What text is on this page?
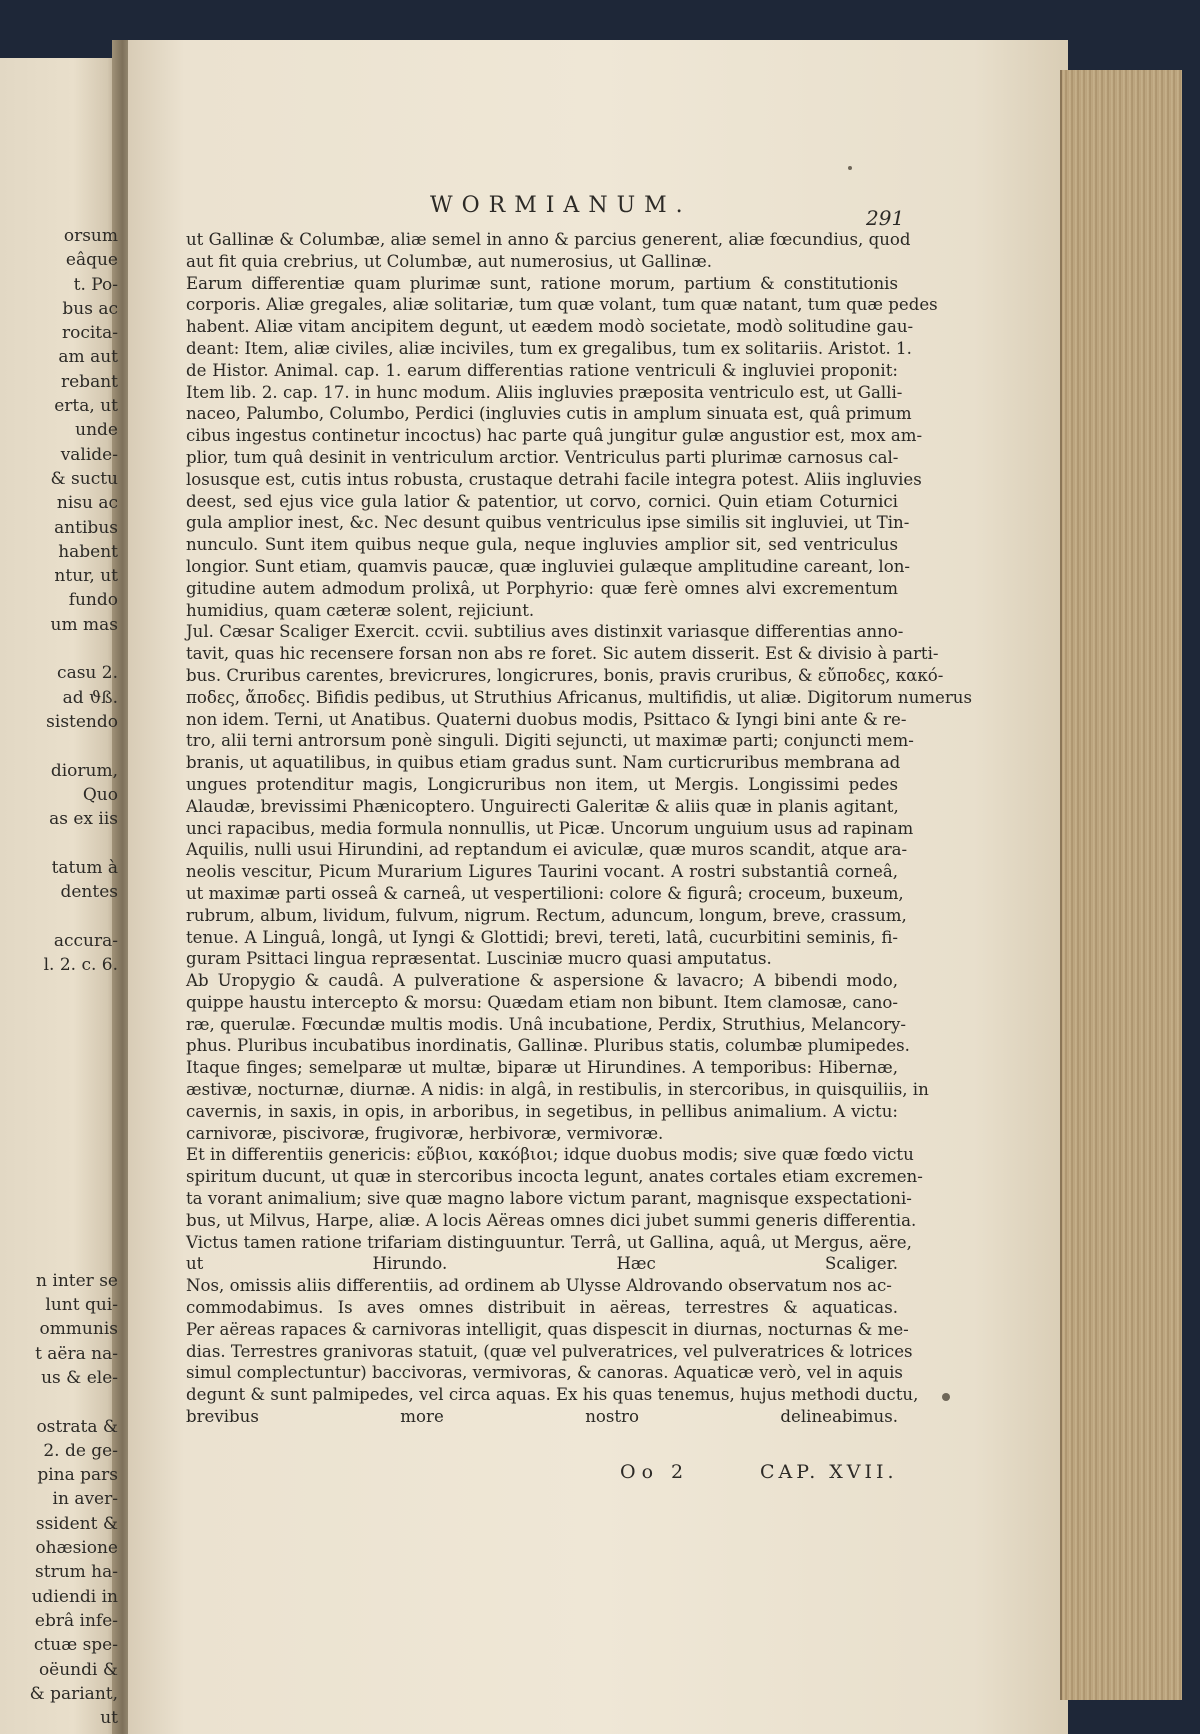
orsum
eâque
t. Po-
bus ac
rocita-
am aut
rebant
erta, ut
unde
valide-
& suctu
nisu ac
antibus
habent
ntur, ut
fundo
um mas
casu 2.
ad ϑß.
sistendo
diorum,
Quo
as ex iis
tatum à
dentes
accura-
l. 2. c. 6.
n inter se
lunt qui-
ommunis
t aëra na-
us & ele-
ostrata &
2. de ge-
pina pars
in aver-
ssident &
ohæsione
strum ha-
udiendi in
ebrâ infe-
ctuæ spe-
oëundi &
& pariant,
ut
WORMIANUM.	291
ut Gallinæ & Columbæ, aliæ semel in anno & parcius generent, aliæ fœcundius, quod
aut fit quia crebrius, ut Columbæ, aut numerosius, ut Gallinæ.
Earum differentiæ quam plurimæ sunt, ratione morum, partium & constitutionis
corporis. Aliæ gregales, aliæ solitariæ, tum quæ volant, tum quæ natant, tum quæ pedes
habent. Aliæ vitam ancipitem degunt, ut eædem modò societate, modò solitudine gau-
deant: Item, aliæ civiles, aliæ inciviles, tum ex gregalibus, tum ex solitariis. Aristot. 1.
de Histor. Animal. cap. 1. earum differentias ratione ventriculi & ingluviei proponit:
Item lib. 2. cap. 17. in hunc modum. Aliis ingluvies præposita ventriculo est, ut Galli-
naceo, Palumbo, Columbo, Perdici (ingluvies cutis in amplum sinuata est, quâ primum
cibus ingestus continetur incoctus) hac parte quâ jungitur gulæ angustior est, mox am-
plior, tum quâ desinit in ventriculum arctior. Ventriculus parti plurimæ carnosus cal-
losusque est, cutis intus robusta, crustaque detrahi facile integra potest. Aliis ingluvies
deest, sed ejus vice gula latior & patentior, ut corvo, cornici. Quin etiam Coturnici
gula amplior inest, &c. Nec desunt quibus ventriculus ipse similis sit ingluviei, ut Tin-
nunculo. Sunt item quibus neque gula, neque ingluvies amplior sit, sed ventriculus
longior. Sunt etiam, quamvis paucæ, quæ ingluviei gulæque amplitudine careant, lon-
gitudine autem admodum prolixâ, ut Porphyrio: quæ ferè omnes alvi excrementum
humidius, quam cæteræ solent, rejiciunt.
Jul. Cæsar Scaliger Exercit. ccvii. subtilius aves distinxit variasque differentias anno-
tavit, quas hic recensere forsan non abs re foret. Sic autem disserit. Est & divisio à parti-
bus. Cruribus carentes, brevicrures, longicrures, bonis, pravis cruribus, & εὔποδες, κακό-
ποδες, ἄποδες. Bifidis pedibus, ut Struthius Africanus, multifidis, ut aliæ. Digitorum numerus
non idem. Terni, ut Anatibus. Quaterni duobus modis, Psittaco & Iyngi bini ante & re-
tro, alii terni antrorsum ponè singuli. Digiti sejuncti, ut maximæ parti; conjuncti mem-
branis, ut aquatilibus, in quibus etiam gradus sunt. Nam curticruribus membrana ad
ungues protenditur magis, Longicruribus non item, ut Mergis. Longissimi pedes
Alaudæ, brevissimi Phænicoptero. Unguirecti Galeritæ & aliis quæ in planis agitant,
unci rapacibus, media formula nonnullis, ut Picæ. Uncorum unguium usus ad rapinam
Aquilis, nulli usui Hirundini, ad reptandum ei aviculæ, quæ muros scandit, atque ara-
neolis vescitur, Picum Murarium Ligures Taurini vocant. A rostri substantiâ corneâ,
ut maximæ parti osseâ & carneâ, ut vespertilioni: colore & figurâ; croceum, buxeum,
rubrum, album, lividum, fulvum, nigrum. Rectum, aduncum, longum, breve, crassum,
tenue. A Linguâ, longâ, ut Iyngi & Glottidi; brevi, tereti, latâ, cucurbitini seminis, fi-
guram Psittaci lingua repræsentat. Lusciniæ mucro quasi amputatus.
Ab Uropygio & caudâ. A pulveratione & aspersione & lavacro; A bibendi modo,
quippe haustu intercepto & morsu: Quædam etiam non bibunt. Item clamosæ, cano-
ræ, querulæ. Fœcundæ multis modis. Unâ incubatione, Perdix, Struthius, Melancory-
phus. Pluribus incubatibus inordinatis, Gallinæ. Pluribus statis, columbæ plumipedes.
Itaque finges; semelparæ ut multæ, biparæ ut Hirundines. A temporibus: Hibernæ,
æstivæ, nocturnæ, diurnæ. A nidis: in algâ, in restibulis, in stercoribus, in quisquiliis, in
cavernis, in saxis, in opis, in arboribus, in segetibus, in pellibus animalium. A victu:
carnivoræ, piscivoræ, frugivoræ, herbivoræ, vermivoræ.
Et in differentiis genericis: εὔβιοι, κακόβιοι; idque duobus modis; sive quæ fœdo victu
spiritum ducunt, ut quæ in stercoribus incocta legunt, anates cortales etiam excremen-
ta vorant animalium; sive quæ magno labore victum parant, magnisque exspectationi-
bus, ut Milvus, Harpe, aliæ. A locis Aëreas omnes dici jubet summi generis differentia.
Victus tamen ratione trifariam distinguuntur. Terrâ, ut Gallina, aquâ, ut Mergus, aëre,
ut Hirundo. Hæc Scaliger.
Nos, omissis aliis differentiis, ad ordinem ab Ulysse Aldrovando observatum nos ac-
commodabimus. Is aves omnes distribuit in aëreas, terrestres & aquaticas.
Per aëreas rapaces & carnivoras intelligit, quas dispescit in diurnas, nocturnas & me-
dias. Terrestres granivoras statuit, (quæ vel pulveratrices, vel pulveratrices & lotrices
simul complectuntur) baccivoras, vermivoras, & canoras. Aquaticæ verò, vel in aquis
degunt & sunt palmipedes, vel circa aquas. Ex his quas tenemus, hujus methodi ductu,
brevibus more nostro delineabimus.
Oo 2	CAP. XVII.
